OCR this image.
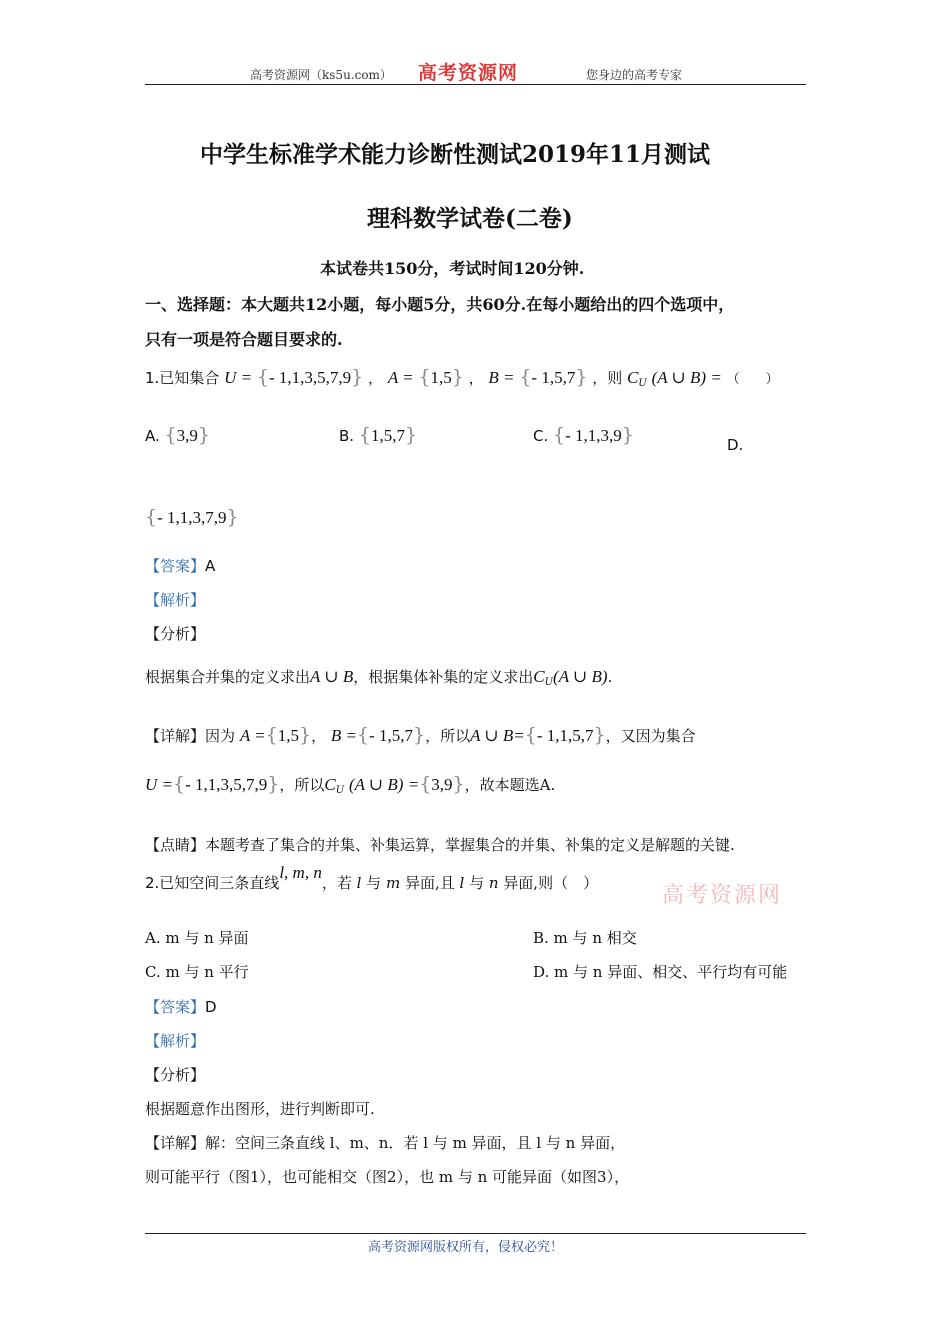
高考资源网（ks5u.com） 高考资源网	您身边的高考专家
中学生标准学术能力诊断性测试2019年11月测试
理科数学试卷(二卷)
本试卷共150分，考试时间120分钟.
一、选择题：本大题共12小题，每小题5分，共60分.在每小题给出的四个选项中，
只有一项是符合题目要求的.
1.已知集合 U = {- 1,1,3,5,7,9} ， A = {1,5} ， B = {- 1,5,7} ，则 $C_U$ (A ∪ B) = （　　）
A. {3,9}	B. {1,5,7}	C. {- 1,1,3,9}	D.
{- 1,1,3,7,9}
【答案】A
【解析】
【分析】
根据集合并集的定义求出A ∪ B，根据集体补集的定义求出$C_U(A$ ∪ B).
【详解】因为 A ={1,5}， B ={- 1,5,7}，所以A ∪ B={- 1,1,5,7}，又因为集合
U ={- 1,1,3,5,7,9}，所以$C_U$ (A ∪ B) ={3,9}，故本题选A.
【点睛】本题考查了集合的并集、补集运算，掌握集合的并集、补集的定义是解题的关键.
2.已知空间三条直线l, m, n，若 l 与 m 异面,且 l 与 n 异面,则（　）	高考资源网
A. m 与 n 异面	B. m 与 n 相交
C. m 与 n 平行	D. m 与 n 异面、相交、平行均有可能
【答案】D
【解析】
【分析】
根据题意作出图形，进行判断即可.
【详解】解：空间三条直线 l、m、n．若 l 与 m 异面，且 l 与 n 异面，
则可能平行（图1），也可能相交（图2），也 m 与 n 可能异面（如图3），
高考资源网版权所有，侵权必究！
